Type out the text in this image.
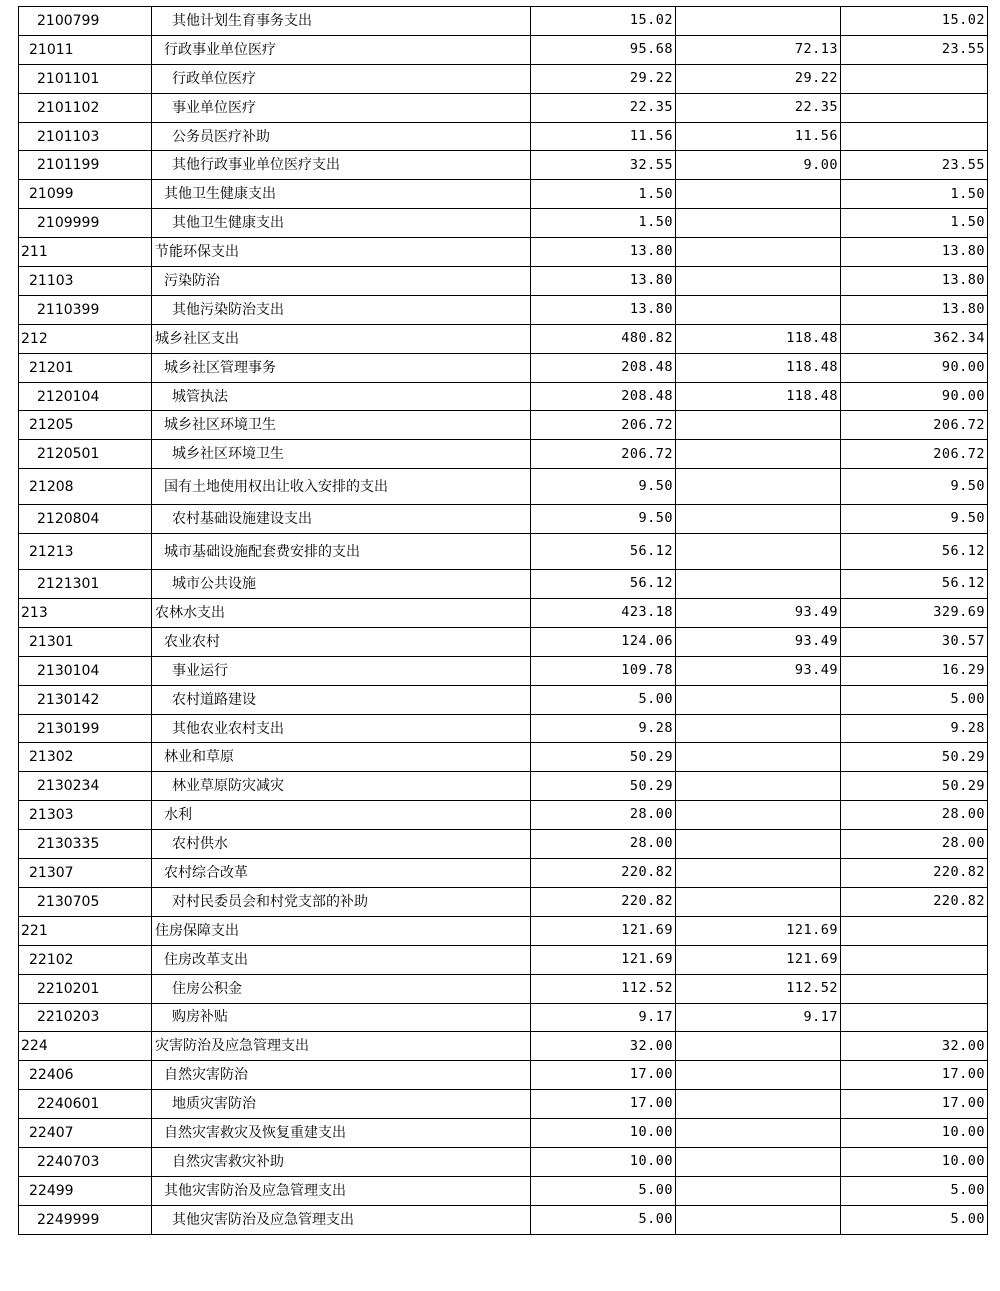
2100799	其他计划生育事务支出	15.02		15.02
21011	行政事业单位医疗	95.68	72.13	23.55
2101101	行政单位医疗	29.22	29.22	
2101102	事业单位医疗	22.35	22.35	
2101103	公务员医疗补助	11.56	11.56	
2101199	其他行政事业单位医疗支出	32.55	9.00	23.55
21099	其他卫生健康支出	1.50		1.50
2109999	其他卫生健康支出	1.50		1.50
211	节能环保支出	13.80		13.80
21103	污染防治	13.80		13.80
2110399	其他污染防治支出	13.80		13.80
212	城乡社区支出	480.82	118.48	362.34
21201	城乡社区管理事务	208.48	118.48	90.00
2120104	城管执法	208.48	118.48	90.00
21205	城乡社区环境卫生	206.72		206.72
2120501	城乡社区环境卫生	206.72		206.72
21208	国有土地使用权出让收入安排的支出	9.50		9.50
2120804	农村基础设施建设支出	9.50		9.50
21213	城市基础设施配套费安排的支出	56.12		56.12
2121301	城市公共设施	56.12		56.12
213	农林水支出	423.18	93.49	329.69
21301	农业农村	124.06	93.49	30.57
2130104	事业运行	109.78	93.49	16.29
2130142	农村道路建设	5.00		5.00
2130199	其他农业农村支出	9.28		9.28
21302	林业和草原	50.29		50.29
2130234	林业草原防灾减灾	50.29		50.29
21303	水利	28.00		28.00
2130335	农村供水	28.00		28.00
21307	农村综合改革	220.82		220.82
2130705	对村民委员会和村党支部的补助	220.82		220.82
221	住房保障支出	121.69	121.69	
22102	住房改革支出	121.69	121.69	
2210201	住房公积金	112.52	112.52	
2210203	购房补贴	9.17	9.17	
224	灾害防治及应急管理支出	32.00		32.00
22406	自然灾害防治	17.00		17.00
2240601	地质灾害防治	17.00		17.00
22407	自然灾害救灾及恢复重建支出	10.00		10.00
2240703	自然灾害救灾补助	10.00		10.00
22499	其他灾害防治及应急管理支出	5.00		5.00
2249999	其他灾害防治及应急管理支出	5.00		5.00
